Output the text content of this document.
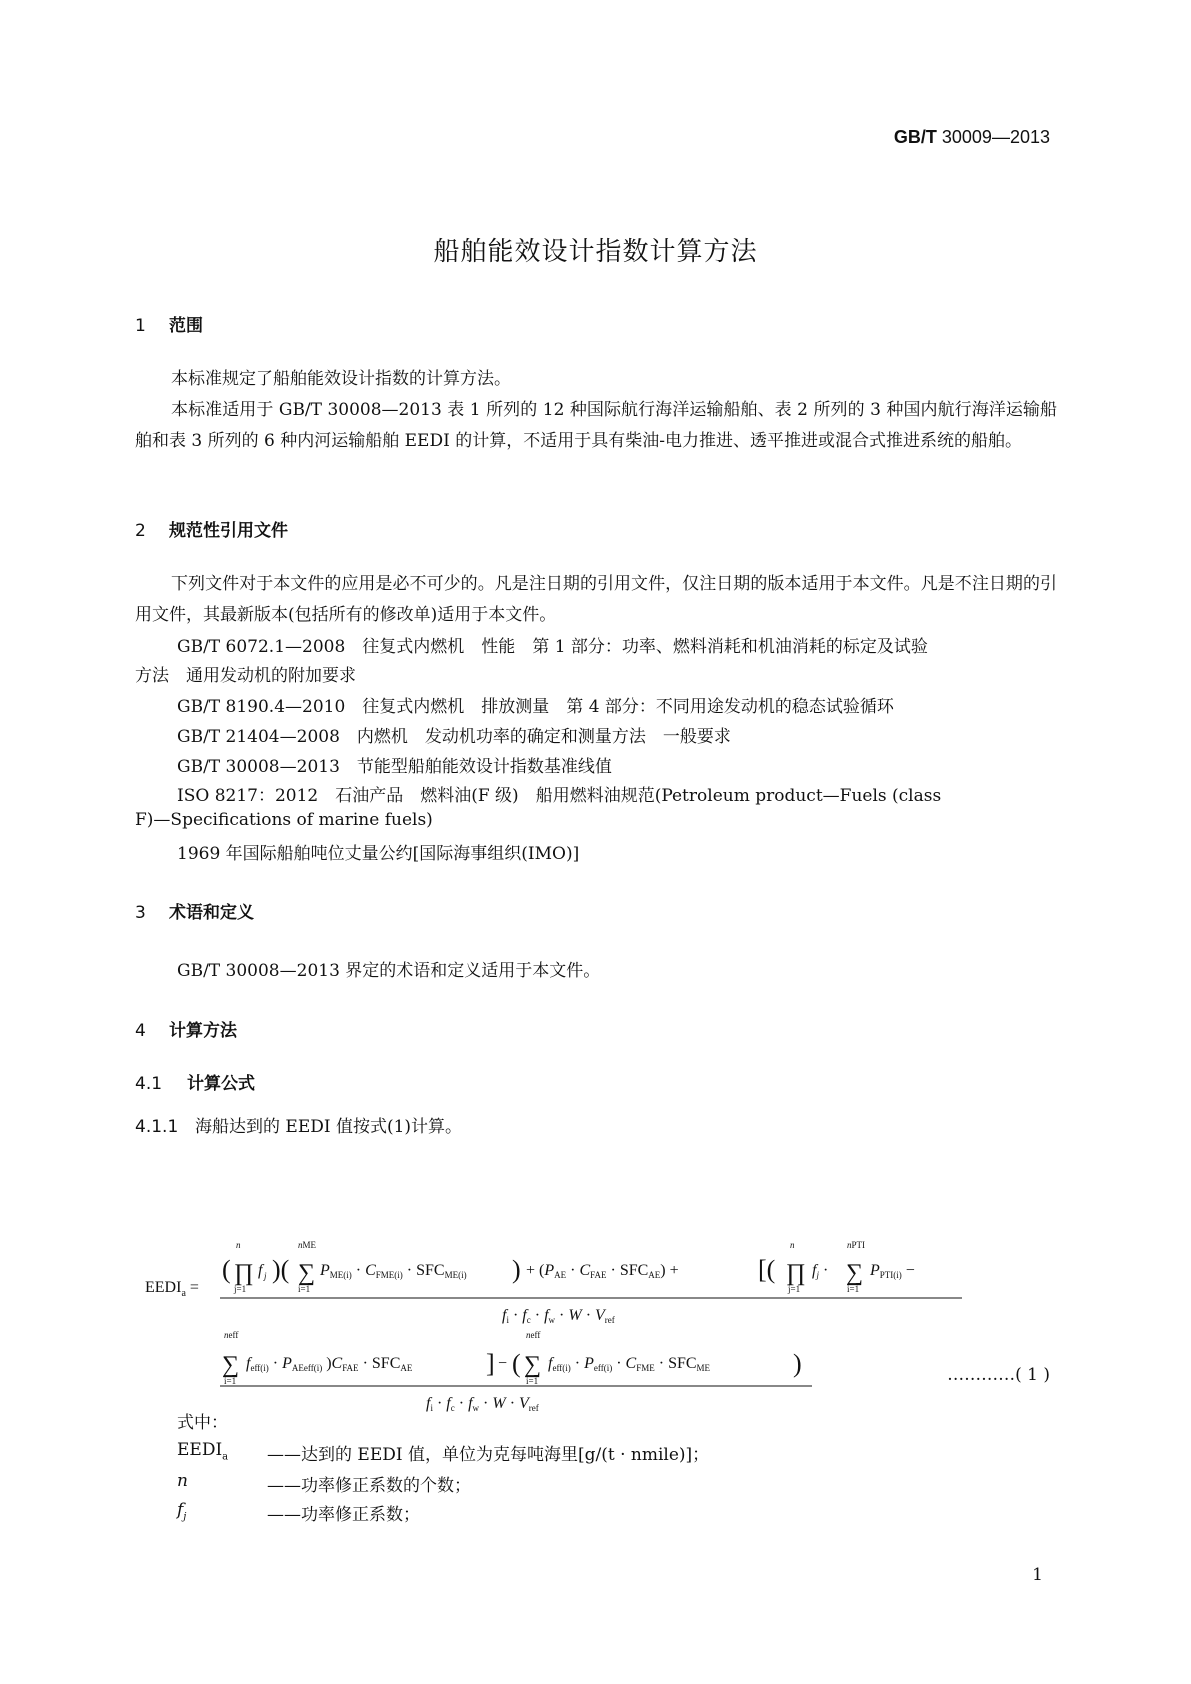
GB/T 30009—2013
船舶能效设计指数计算方法
1 范围
本标准规定了船舶能效设计指数的计算方法。
本标准适用于 GB/T 30008—2013 表 1 所列的 12 种国际航行海洋运输船舶、表 2 所列的 3 种国内航行海洋运输船舶和表 3 所列的 6 种内河运输船舶 EEDI 的计算，不适用于具有柴油-电力推进、透平推进或混合式推进系统的船舶。
2 规范性引用文件
下列文件对于本文件的应用是必不可少的。凡是注日期的引用文件，仅注日期的版本适用于本文件。凡是不注日期的引用文件，其最新版本(包括所有的修改单)适用于本文件。
GB/T 6072.1—2008　往复式内燃机　性能　第 1 部分：功率、燃料消耗和机油消耗的标定及试验
方法　通用发动机的附加要求
GB/T 8190.4—2010　往复式内燃机　排放测量　第 4 部分：不同用途发动机的稳态试验循环
GB/T 21404—2008　内燃机　发动机功率的确定和测量方法　一般要求
GB/T 30008—2013　节能型船舶能效设计指数基准线值
ISO 8217：2012　石油产品　燃料油(F 级)　船用燃料油规范(Petroleum product—Fuels (class
F)—Specifications of marine fuels)
1969 年国际船舶吨位丈量公约[国际海事组织(IMO)]
3 术语和定义
GB/T 30008—2013 界定的术语和定义适用于本文件。
4 计算方法
4.1 计算公式
4.1.1 海船达到的 EEDI 值按式(1)计算。
$EEDI_a$ =
( ∏
n
j=1
f j )( ∑
nME
i=1
PME(i) · CFME(i) · SFCME(i) ) + (PAE · CFAE · SFCAE) +	[( ∏
n
j=1
fj · ∑
nPTI
i=1
PPTI(i) −
fi · fc · fw · W · Vref
∑
neff
i=1
feff(i) · PAEeff(i) )CFAE · SFCAE	] − ( ∑
neff
i=1
feff(i) · Peff(i) · CFME · SFCME	)
fi · fc · fw · W · Vref
…………( 1 )
式中：
$EEDI_a$ ——达到的 EEDI 值，单位为克每吨海里[g/(t · nmile)]；
n	——功率修正系数的个数；
$f_j$	——功率修正系数；
1
